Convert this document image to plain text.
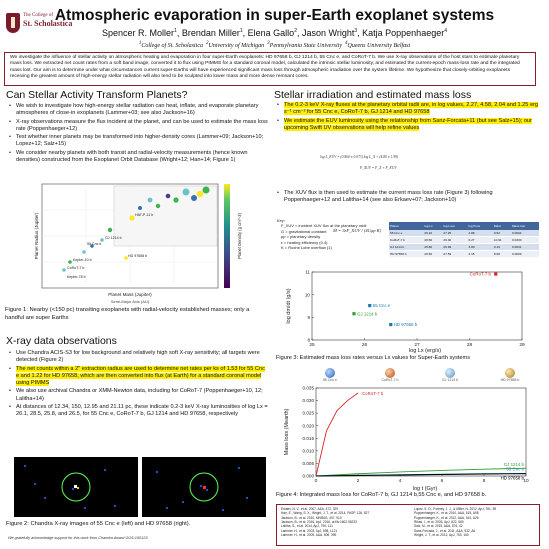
The College of
St. Scholastica
Atmospheric evaporation in super-Earth exoplanet systems
Spencer R. Moller$^1$, Brendan Miller$^1$, Elena Gallo$^2$, Jason Wright$^3$, Katja Poppenhaeger$^4$
$^1$College of St. Scholastica $^2$University of Michigan $^3$Pennsylvania State University $^4$Queens University Belfast
We investigate the influence of stellar activity on atmospheric heating and evaporation in four super-Earth exoplanets: HD 97658 b, GJ 1214 b, 55 Cnc e, and CoRoT-7 b. We use X-ray observations of the host stars to estimate planetary mass loss. We extracted net count rates from a soft band image, converted it to flux using PIMMS for a standard coronal model, calculated the intrinsic stellar luminosity, and estimated the current-epoch mass-loss rate and the integrated mass lost. Our aim is to determine under what circumstances current super-Earths will have experienced significant mass loss through atmospheric irradiation over the system lifetime. We hypothesize that closely-orbiting exoplanets receiving the greatest amount of high-energy stellar radiation will also tend to be sculpted into lower mass and more dense remnant cores.
Can Stellar Activity Transform Planets?
• We wish to investigate how high-energy stellar radiation can heat, inflate, and evaporate planetary atmospheres of close-in exoplanets (Lammer+03; see also Jackson+16)
• X-ray observations measure the flux incident at the planet, and can be used to estimate the mass loss rate (Poppenhaeger+12)
• Test whether inner planets may be transformed into higher-density cores (Lammer+09; Jackson+10; Lopez+12; Salz+15)
• We consider nearby planets with both transit and radial-velocity measurements (hence known densities) constructed from the Exoplanet Orbit Database (Wright+12; Han+14; Figure 1)
HAT-P-11 b
GJ 1214 b
55 Cnc e
HD 97658 b
Kepler-10 b
CoRoT-7 b
Kepler-78 b
Planet Mass (Jupiter)
Planet Radius (Jupiter)	Planet Density (g cm^-3)
Semi-Major Axis (AU)
Figure 1: Nearby (<150 pc) transiting exoplanets with radial-velocity established masses; only a handful are super Earths
X-ray data observations
• Use Chandra ACIS-S3 for low background and relatively high soft X-ray sensitivity; all targets were detected (Figure 2)
• The net counts within a 2" extraction radius are used to determine net rates per ks of 1.53 for 55 Cnc e and 1.22 for HD 97658, which are then converted into flux (at Earth) for a standard coronal model using PIMMS
• We also use archival Chandra or XMM-Newton data, including for CoRoT-7 (Poppenhaeger+10, 12; Lalitha+14)
• At distances of 12.34, 150, 12.95 and 21.11 pc, these indicate 0.2-3 keV X-ray luminosities of log Lx = 26.1, 28.5, 25.8, and 26.5, for 55 Cnc e, CoRoT-7 b, GJ 1214 and HD 97658, respectively
Figure 2: Chandra X-ray images of 55 Cnc e (left) and HD 97658 (right).
We gratefully acknowledge support for this work from Chandra Award GO5-16012X
Stellar irradiation and estimated mass loss
• The 0.2-3 keV X-ray fluxes at the planetary orbital radii are, in log values, 2.27, 4.58, 2.04 and 1.25 erg s⁻¹ cm⁻² for 55 Cnc e, CoRoT-7 b, GJ 1214 and HD 97658
• We estimate the EUV luminosity using the relationship from Sanz-Forcata+11 (but see Salz+15); our upcoming Swift UV observations will help refine values
log L_EUV = (0.860 ± 0.073) log L_X + (4.80 ± 1.99)
F_XUV = F_X + F_EUV
• The XUV flux is then used to estimate the current mass loss rate (Figure 3) following Poppenhaeger+12 and Lalitha+14 (see also Erkaev+07; Jackson+10)
Key:
F_XUV = incident XUV flux at the planetary orbit
G = gravitational constant
ρp = planetary density
ε = heating efficiency (0.4)
K = Roche Lobe overflow (1)
Ṁ = 3εF_XUV / (4Gρp K)
Planet	log Lx	log Lxuv	log Fxuv	Mdot	Mass lost
55 Cnc e	26.10	27.25	4.88	9.52	0.0004
CoRoT-7 b	28.50	29.30	6.27	10.91	0.0330
GJ 1214 b	25.80	26.99	3.80	9.16	0.0031
HD 97658 b	26.50	27.59	3.15	8.68	0.0009
25	26	27	28	29
8
9
10
11	CoRoT-7 b
GJ 1214 b
55 Cnc e
HD 97658 b
log dm/dt (g/s)
log Lx (erg/s)
Figure 3: Estimated mass loss rates versus Lx values for Super-Earth systems
55 Cnc e	CoRoT-7 b	GJ 1214 b	HD 97658 b
0	2	4	6	8	10
0.000
0.005
0.010
0.015
0.020
0.025
0.030
0.035
CoRoT-7 b
GJ 1214 b
55 Cnc e
HD 97658 b
Mass loss (Mearth)
log t (Gyr)
Figure 4: Integrated mass loss for CoRoT-7 b, GJ 1214 b,55 Cnc e, and HD 97658 b.
Erkaev, N. V., et al. 2007, A&A, 472, 329
Han, E., Wang, S. X., Wright, J. T., et al. 2014, PASP, 126, 827
Jackson, B., et al. 2010, MNRAS, 407, 910
Jackson, B., et al. 2016, ApJ, 2016, arXiv:1602.06233
Lalitha, S., et al. 2014, ApJ, 790, L11
Lammer, H., et al. 2003, ApJ, 598, L121
Lammer, H., et al. 2009, A&A, 506, 399
Lopez, E. D., Fortney, J. J., & Miller, N. 2012, ApJ, 761, 59
Poppenhaeger, K., et al. 2010, A&A, 515, A98
Poppenhaeger, K., et al. 2012, A&A, 541, A26
Ribas, I., et al. 2005, ApJ, 622, 680
Salz, M., et al. 2015, A&A, 576, 42
Sanz-Forcada, J., et al. 2011, A&A, 532, A6
Wright, J. T., et al. 2012, ApJ, 753, 160
